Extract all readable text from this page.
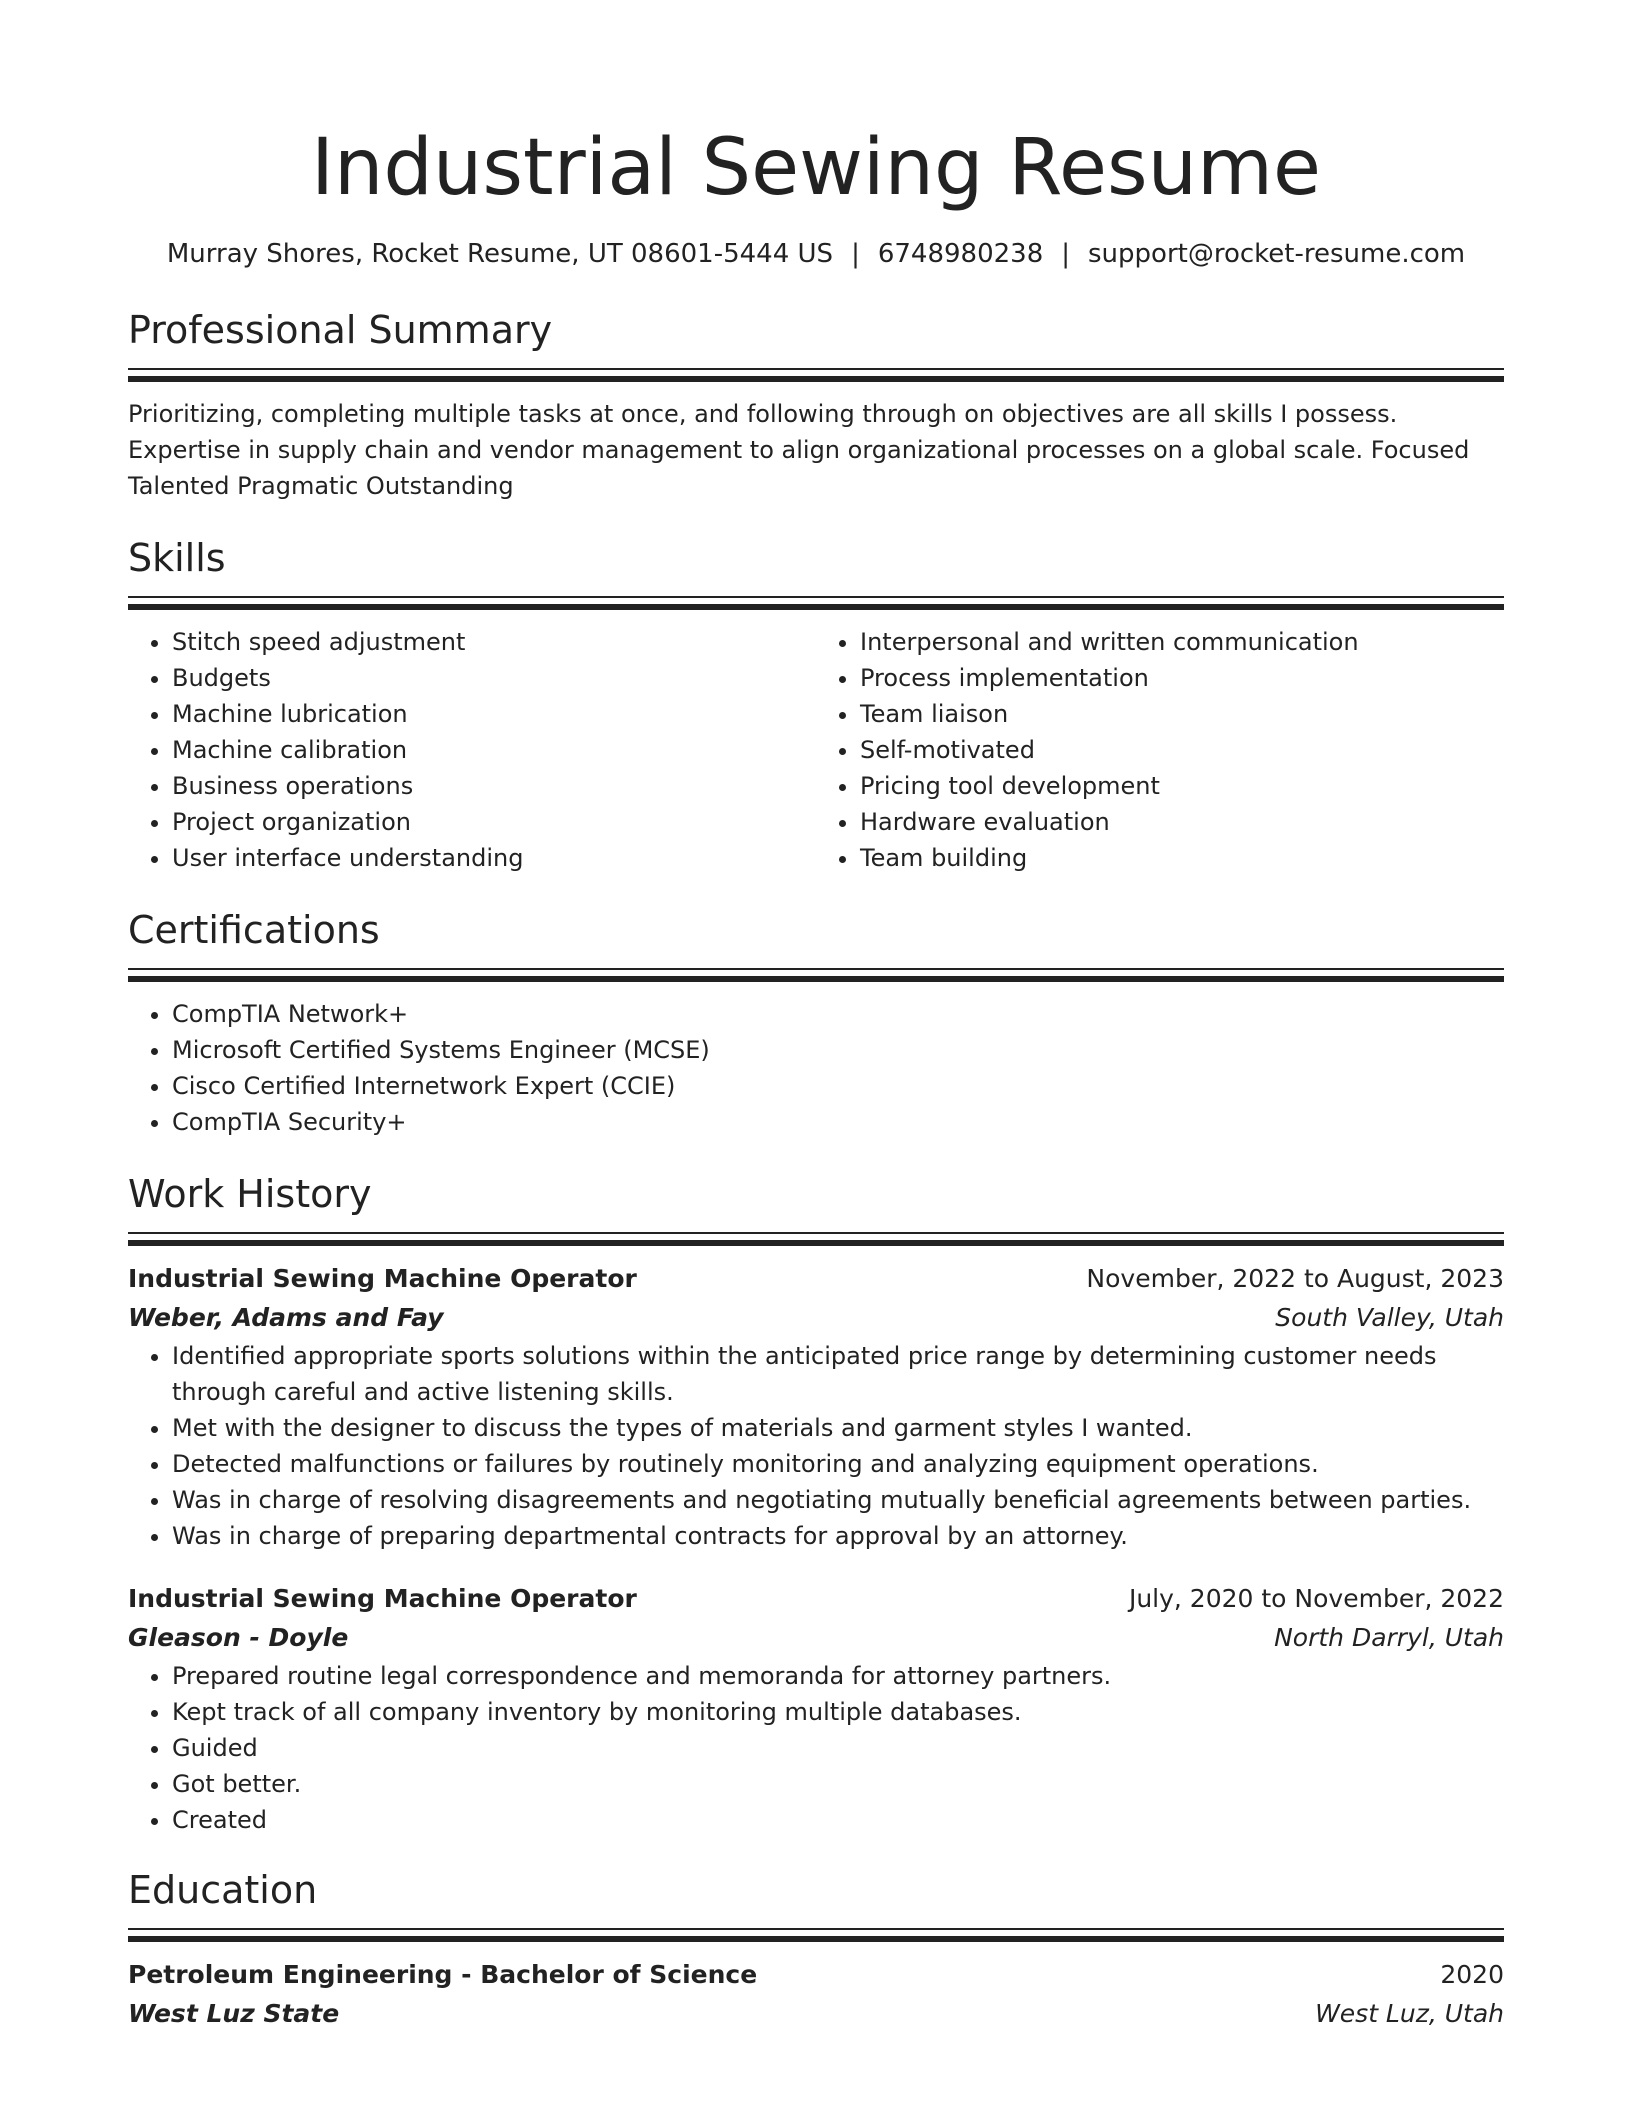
Industrial Sewing Resume
Murray Shores, Rocket Resume, UT 08601-5444 US | 6748980238 | support@rocket-resume.com
Professional Summary
Prioritizing, completing multiple tasks at once, and following through on objectives are all skills I possess. Expertise in supply chain and vendor management to align organizational processes on a global scale. Focused Talented Pragmatic Outstanding
Skills
• Stitch speed adjustment
• Budgets
• Machine lubrication
• Machine calibration
• Business operations
• Project organization
• User interface understanding
• Interpersonal and written communication
• Process implementation
• Team liaison
• Self-motivated
• Pricing tool development
• Hardware evaluation
• Team building
Certifications
• CompTIA Network+
• Microsoft Certified Systems Engineer (MCSE)
• Cisco Certified Internetwork Expert (CCIE)
• CompTIA Security+
Work History
Industrial Sewing Machine Operator	November, 2022 to August, 2023
Weber, Adams and Fay	South Valley, Utah
• Identified appropriate sports solutions within the anticipated price range by determining customer needs through careful and active listening skills.
• Met with the designer to discuss the types of materials and garment styles I wanted.
• Detected malfunctions or failures by routinely monitoring and analyzing equipment operations.
• Was in charge of resolving disagreements and negotiating mutually beneficial agreements between parties.
• Was in charge of preparing departmental contracts for approval by an attorney.
Industrial Sewing Machine Operator	July, 2020 to November, 2022
Gleason - Doyle	North Darryl, Utah
• Prepared routine legal correspondence and memoranda for attorney partners.
• Kept track of all company inventory by monitoring multiple databases.
• Guided
• Got better.
• Created
Education
Petroleum Engineering - Bachelor of Science	2020
West Luz State	West Luz, Utah
